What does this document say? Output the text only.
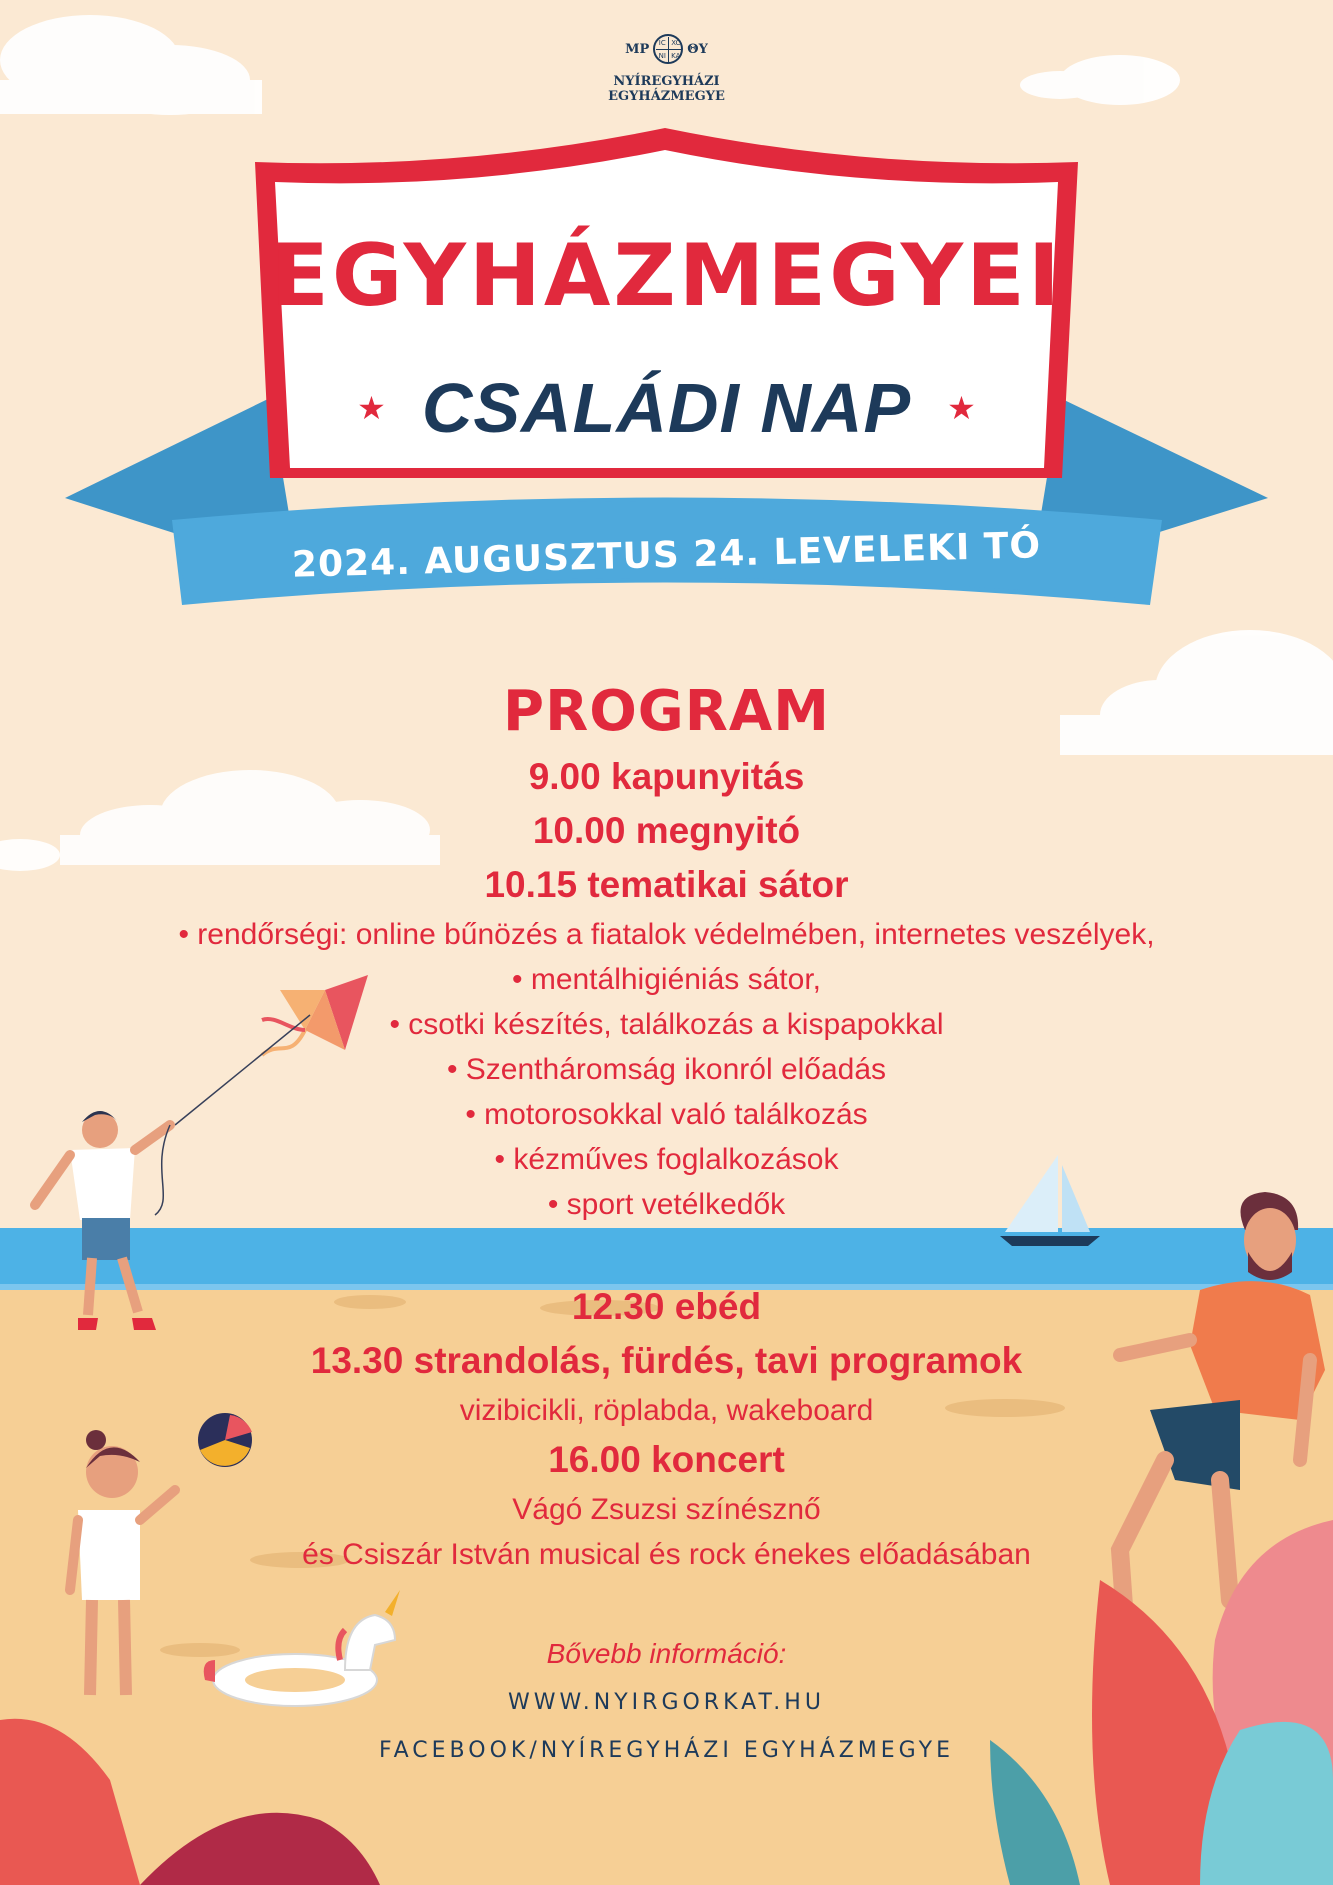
MP	IC XC
NI KA ΘY
NYÍREGYHÁZI EGYHÁZMEGYE
EGYHÁZMEGYEI
★ CSALÁDI NAP ★
2024. AUGUSZTUS 24. LEVELEKI TÓ
PROGRAM
9.00 kapunyitás
10.00 megnyitó
10.15 tematikai sátor
• rendőrségi: online bűnözés a fiatalok védelmében, internetes veszélyek,
• mentálhigiéniás sátor,
• csotki készítés, találkozás a kispapokkal
• Szentháromság ikonról előadás
• motorosokkal való találkozás
• kézműves foglalkozások
• sport vetélkedők
12.30 ebéd
13.30 strandolás, fürdés, tavi programok
vizibicikli, röplabda, wakeboard
16.00 koncert
Vágó Zsuzsi színésznő
és Csiszár István musical és rock énekes előadásában
Bővebb információ:
WWW.NYIRGORKAT.HU
FACEBOOK/NYÍREGYHÁZI EGYHÁZMEGYE
